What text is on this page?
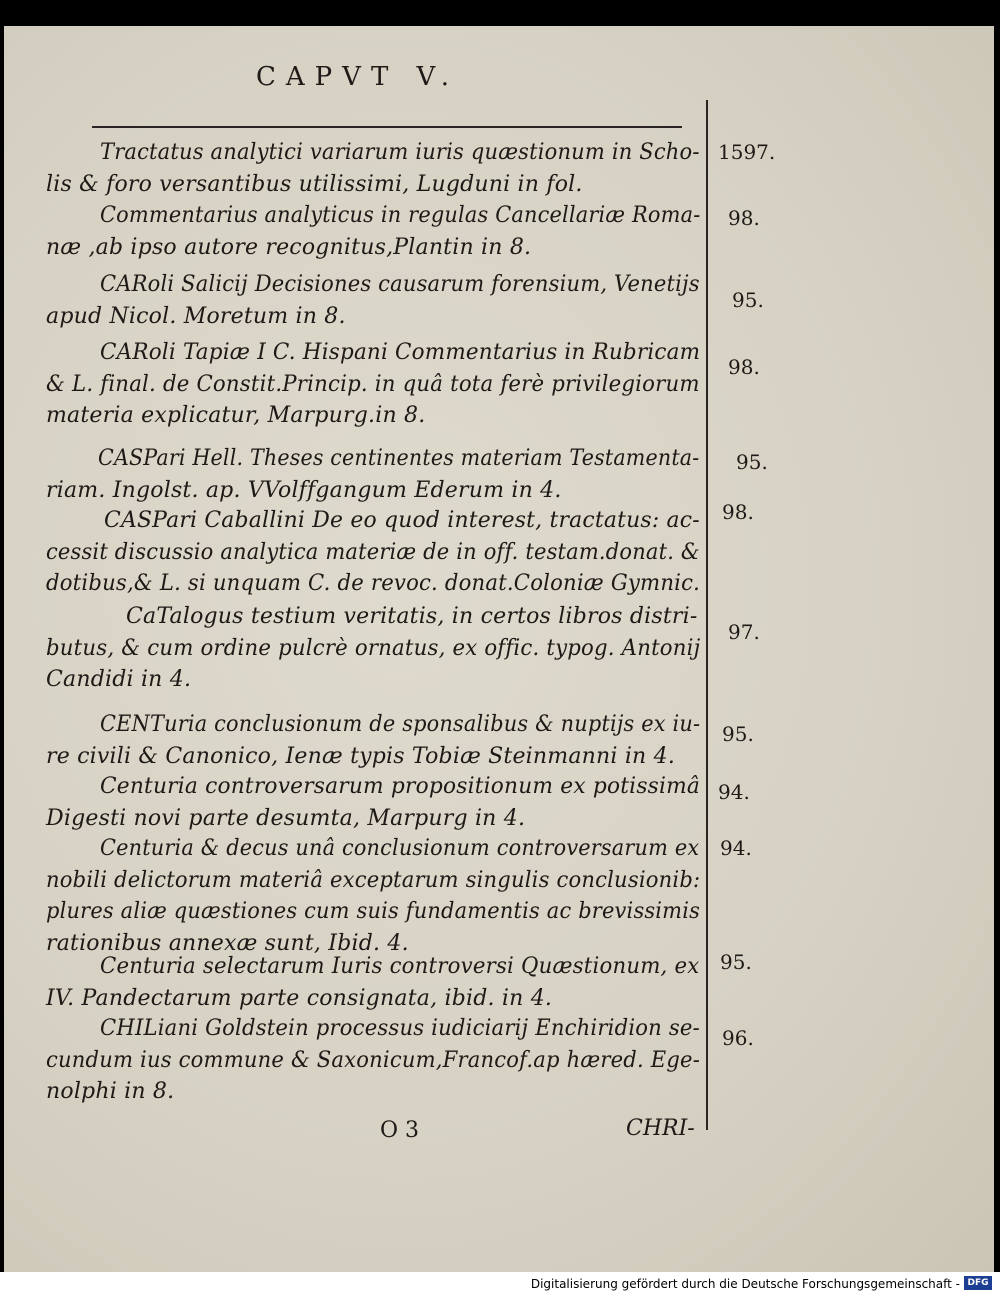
CAPVT V.
Tractatus analytici variarum iuris quæstionum in Scho-
lis & foro versantibus utilissimi, Lugduni in fol.
1597.
Commentarius analyticus in regulas Cancellariæ Roma-
næ ,ab ipso autore recognitus,Plantin in 8.
98.
CARoli Salicij Decisiones causarum forensium, Venetijs
apud Nicol. Moretum in 8.
95.
CARoli Tapiæ I C. Hispani Commentarius in Rubricam
& L. final. de Constit.Princip. in quâ tota ferè privilegiorum
materia explicatur, Marpurg.in 8.
98.
CASPari Hell. Theses centinentes materiam Testamenta-
riam. Ingolst. ap. VVolffgangum Ederum in 4.
95.
CASPari Caballini De eo quod interest, tractatus: ac-
cessit discussio analytica materiæ de in off. testam.donat. &
dotibus,& L. si unquam C. de revoc. donat.Coloniæ Gymnic.
98.
CaTalogus testium veritatis, in certos libros distri-
butus, & cum ordine pulcrè ornatus, ex offic. typog. Antonij
Candidi in 4.
97.
CENTuria conclusionum de sponsalibus & nuptijs ex iu-
re civili & Canonico, Ienæ typis Tobiæ Steinmanni in 4.
95.
Centuria controversarum propositionum ex potissimâ
Digesti novi parte desumta, Marpurg in 4.
94.
Centuria & decus unâ conclusionum controversarum ex
nobili delictorum materiâ exceptarum singulis conclusionib:
plures aliæ quæstiones cum suis fundamentis ac brevissimis
rationibus annexæ sunt, Ibid. 4.
94.
Centuria selectarum Iuris controversi Quæstionum, ex
IV. Pandectarum parte consignata, ibid. in 4.
95.
CHILiani Goldstein processus iudiciarij Enchiridion se-
cundum ius commune & Saxonicum,Francof.ap hæred. Ege-
nolphi in 8.
96.
O 3	CHRI-
Digitalisierung gefördert durch die Deutsche Forschungsgemeinschaft - DFG
